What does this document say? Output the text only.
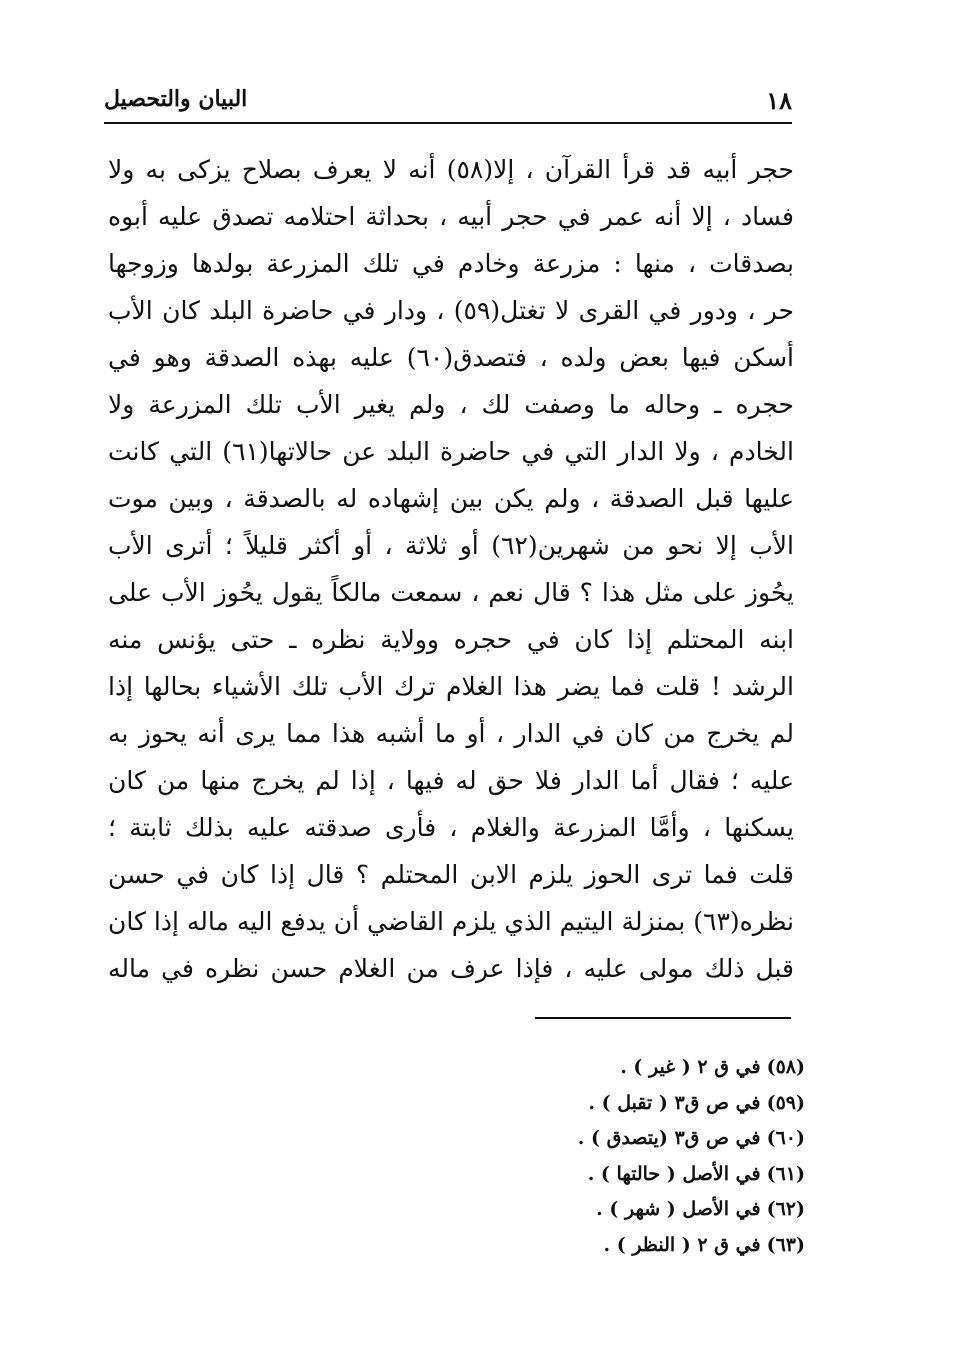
١٨
البيان والتحصيل
حجر أبيه قد قرأ القرآن ، إلا(٥٨) أنه لا يعرف بصلاح يزكى به ولا
فساد ، إلا أنه عمر في حجر أبيه ، بحداثة احتلامه تصدق عليه أبوه
بصدقات ، منها : مزرعة وخادم في تلك المزرعة بولدها وزوجها
حر ، ودور في القرى لا تغتل(٥٩) ، ودار في حاضرة البلد كان الأب
أسكن فيها بعض ولده ، فتصدق(٦٠) عليه بهذه الصدقة وهو في
حجره ـ وحاله ما وصفت لك ، ولم يغير الأب تلك المزرعة ولا
الخادم ، ولا الدار التي في حاضرة البلد عن حالاتها(٦١) التي كانت
عليها قبل الصدقة ، ولم يكن بين إشهاده له بالصدقة ، وبين موت
الأب إلا نحو من شهرين(٦٢) أو ثلاثة ، أو أكثر قليلاً ؛ أترى الأب
يحُوز على مثل هذا ؟ قال نعم ، سمعت مالكاً يقول يحُوز الأب على
ابنه المحتلم إذا كان في حجره وولاية نظره ـ حتى يؤنس منه
الرشد ! قلت فما يضر هذا الغلام ترك الأب تلك الأشياء بحالها إذا
لم يخرج من كان في الدار ، أو ما أشبه هذا مما يرى أنه يحوز به
عليه ؛ فقال أما الدار فلا حق له فيها ، إذا لم يخرج منها من كان
يسكنها ، وأمَّا المزرعة والغلام ، فأرى صدقته عليه بذلك ثابتة ؛
قلت فما ترى الحوز يلزم الابن المحتلم ؟ قال إذا كان في حسن
نظره(٦٣) بمنزلة اليتيم الذي يلزم القاضي أن يدفع اليه ماله إذا كان
قبل ذلك مولى عليه ، فإذا عرف من الغلام حسن نظره في ماله
(٥٨) في ق ٢ ( غير ) .
(٥٩) في ص ق٣ ( تقبل ) .
(٦٠) في ص ق٣ (يتصدق ) .
(٦١) في الأصل ( حالتها ) .
(٦٢) في الأصل ( شهر ) .
(٦٣) في ق ٢ ( النظر ) .
